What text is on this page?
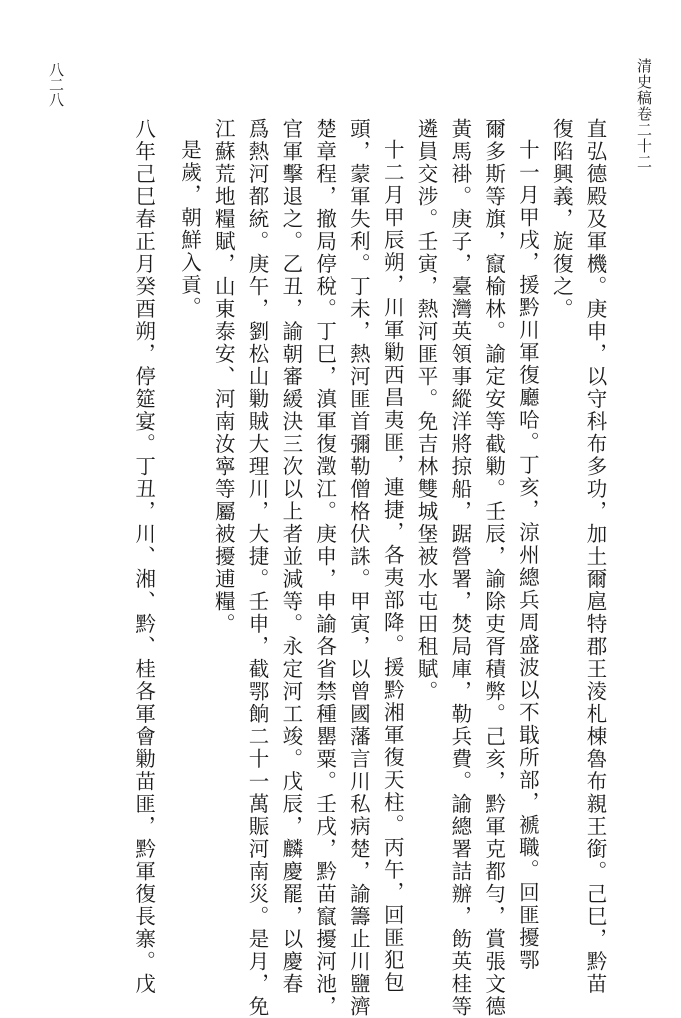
清史稿卷二十二
八二八
直弘德殿及軍機。庚申，以守科布多功，加土爾扈特郡王淩札棟魯布親王銜。己巳，黔苗
復陷興義，旋復之。
十一月甲戌，援黔川軍復廳哈。丁亥，涼州總兵周盛波以不戢所部，褫職。回匪擾鄂
爾多斯等旗，竄榆林。諭定安等截勦。壬辰，諭除吏胥積弊。己亥，黔軍克都勻，賞張文德
黃馬褂。庚子，臺灣英領事縱洋將掠船，踞營署，焚局庫，勒兵費。諭總署詰辦，飭英桂等
遴員交涉。壬寅，熱河匪平。免吉林雙城堡被水屯田租賦。
十二月甲辰朔，川軍勦西昌夷匪，連捷，各夷部降。援黔湘軍復天柱。丙午，回匪犯包
頭，蒙軍失利。丁未，熱河匪首彌勒僧格伏誅。甲寅，以曾國藩言川私病楚，諭籌止川鹽濟
楚章程，撤局停稅。丁巳，滇軍復澂江。庚申，申諭各省禁種罌粟。壬戌，黔苗竄擾河池，
官軍擊退之。乙丑，諭朝審緩決三次以上者並減等。永定河工竣。戊辰，麟慶罷，以慶春
爲熱河都統。庚午，劉松山勦賊大理川，大捷。壬申，截鄂餉二十一萬賑河南災。是月，免
江蘇荒地糧賦，山東泰安、河南汝寧等屬被擾逋糧。
是歲，朝鮮入貢。
八年己巳春正月癸酉朔，停筵宴。丁丑，川、湘、黔、桂各軍會勦苗匪，黔軍復長寨。戊
